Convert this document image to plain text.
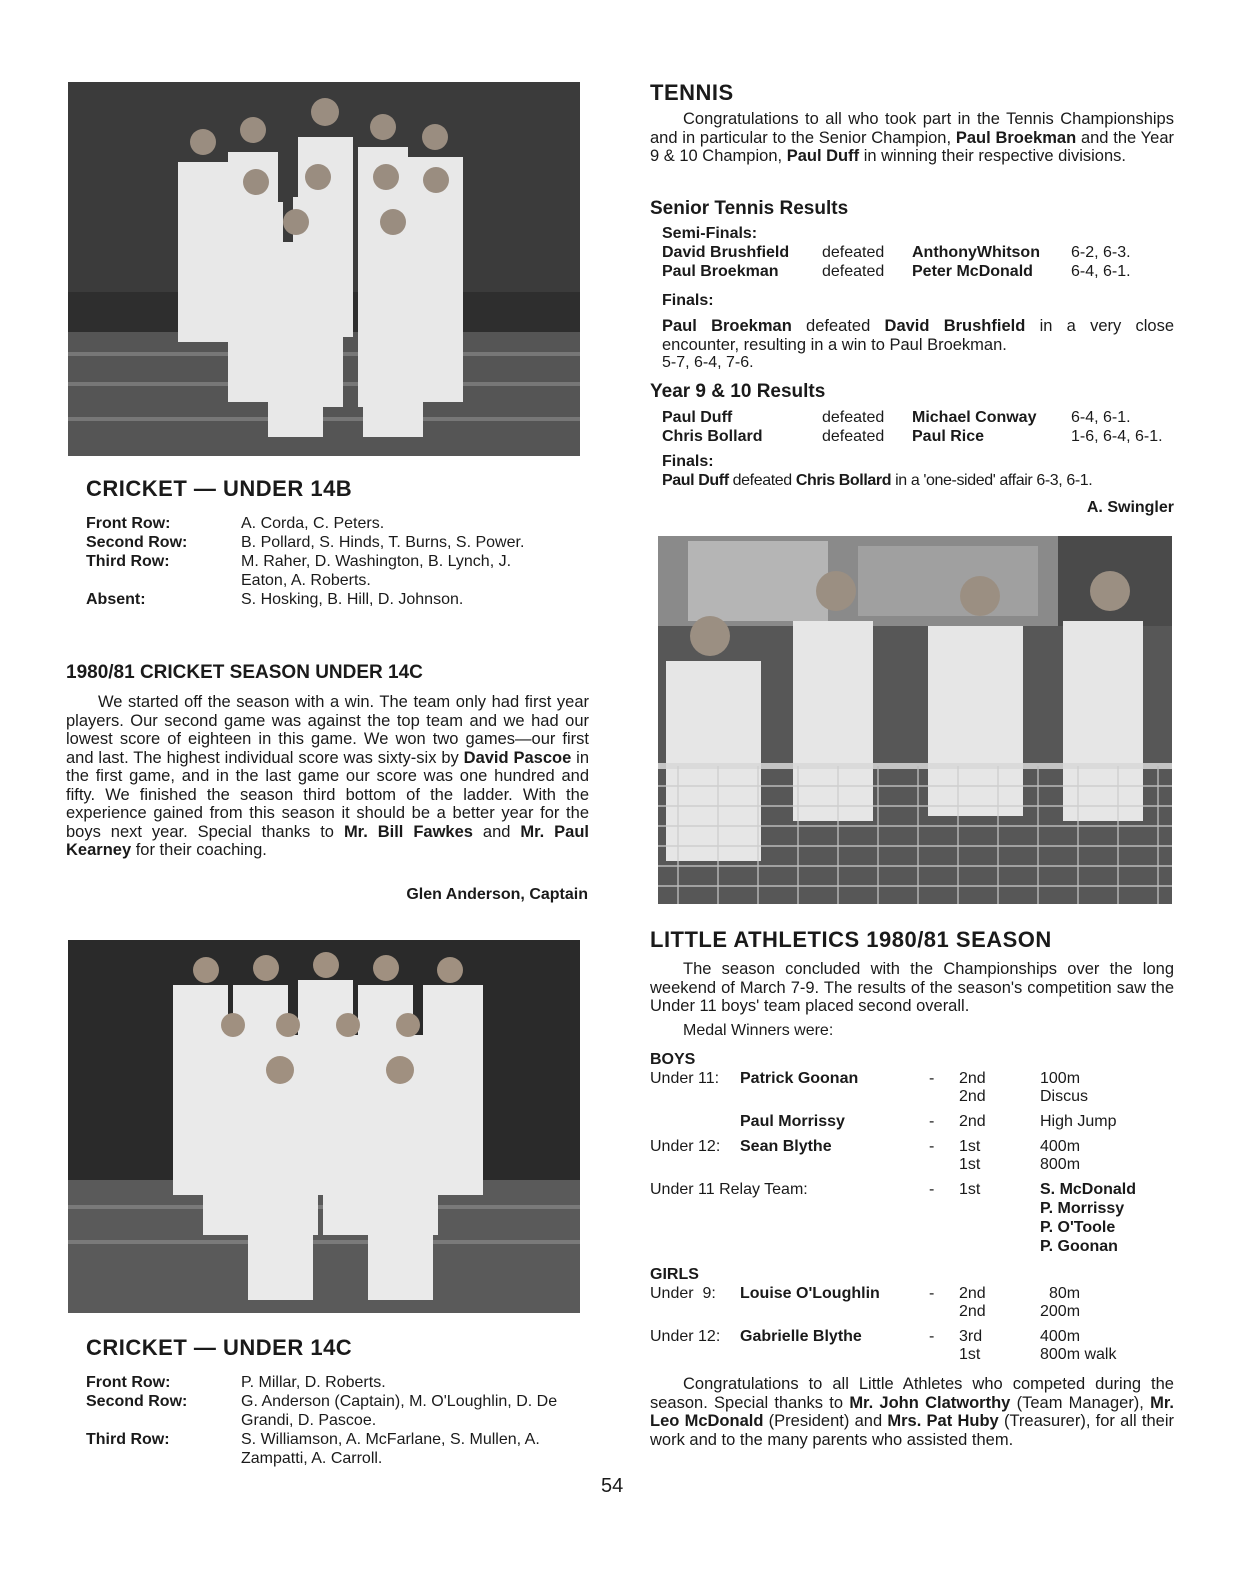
CRICKET — UNDER 14B
Front Row:	A. Corda, C. Peters.
Second Row:	B. Pollard, S. Hinds, T. Burns, S. Power.
Third Row:	M. Raher, D. Washington, B. Lynch, J. Eaton, A. Roberts.
Absent:	S. Hosking, B. Hill, D. Johnson.
1980/81 CRICKET SEASON UNDER 14C
We started off the season with a win. The team only had first year players. Our second game was against the top team and we had our lowest score of eighteen in this game. We won two games—our first and last. The highest individual score was sixty-six by David Pascoe in the first game, and in the last game our score was one hundred and fifty. We finished the season third bottom of the ladder. With the experience gained from this season it should be a better year for the boys next year. Special thanks to Mr. Bill Fawkes and Mr. Paul Kearney for their coaching.
Glen Anderson, Captain
CRICKET — UNDER 14C
Front Row:	P. Millar, D. Roberts.
Second Row:	G. Anderson (Captain), M. O'Loughlin, D. De Grandi, D. Pascoe.
Third Row:	S. Williamson, A. McFarlane, S. Mullen, A. Zampatti, A. Carroll.
TENNIS
Congratulations to all who took part in the Tennis Championships and in particular to the Senior Champion, Paul Broekman and the Year 9 & 10 Champion, Paul Duff in winning their respective divisions.
Senior Tennis Results
Semi-Finals:
David Brushfield defeated AnthonyWhitson 6-2, 6-3.
Paul Broekman	defeated Peter McDonald 6-4, 6-1.
Finals:
Paul Broekman defeated David Brushfield in a very close encounter, resulting in a win to Paul Broekman.
5-7, 6-4, 7-6.
Year 9 & 10 Results
Paul Duff	defeated Michael Conway 6-4, 6-1.
Chris Bollard	defeated Paul Rice	1-6, 6-4, 6-1.
Finals:
Paul Duff defeated Chris Bollard in a 'one-sided' affair 6-3, 6-1.
A. Swingler
LITTLE ATHLETICS 1980/81 SEASON
The season concluded with the Championships over the long weekend of March 7-9. The results of the season's competition saw the Under 11 boys' team placed second overall.
Medal Winners were:
BOYS
Under 11: Patrick Goonan	- 2nd	100m
2nd	Discus
Paul Morrissy	- 2nd	High Jump
Under 12: Sean Blythe	- 1st	400m
1st	800m
Under 11 Relay Team:	- 1st	S. McDonald
P. Morrissy
P. O'Toole
P. Goonan
GIRLS
Under  9: Louise O'Loughlin	- 2nd	80m
2nd	200m
Under 12: Gabrielle Blythe	- 3rd	400m
1st	800m walk
Congratulations to all Little Athletes who competed during the season. Special thanks to Mr. John Clatworthy (Team Manager), Mr. Leo McDonald (President) and Mrs. Pat Huby (Treasurer), for all their work and to the many parents who assisted them.
54
